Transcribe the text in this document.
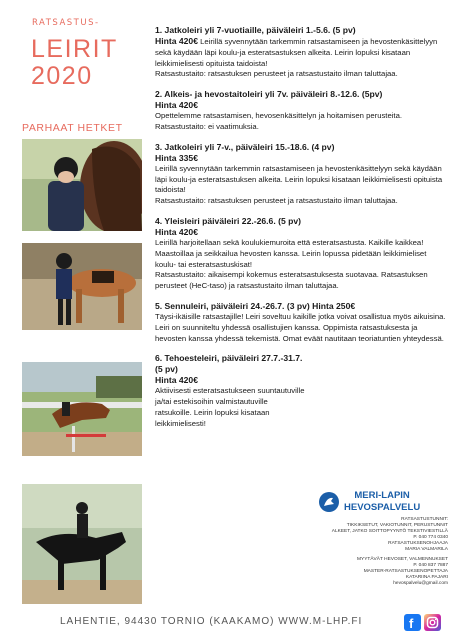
RATSASTUS-
LEIRIT
2020
PARHAAT HETKET
1. Jatkoleiri yli 7-vuotiaille, päiväleiri 1.-5.6. (5 pv)

Hinta 420€ Leirillä syvennytään tarkemmin ratsastamiseen ja hevostenkäsittelyyn sekä käydään läpi koulu-ja esteratsastuksen alkeita. Leirin lopuksi kisataan leikkimielisesti opituista taidoista!

Ratsastustaito: ratsastuksen perusteet ja ratsastustaito ilman taluttajaa.

2. Alkeis- ja hevostaitoleiri yli 7v. päiväleiri 8.-12.6. (5pv)

Hinta 420€

Opettelemme ratsastamisen, hevosenkäsittelyn ja hoitamisen perusteita. Ratsastustaito: ei vaatimuksia.

3. Jatkoleiri yli 7-v., päiväleiri 15.-18.6. (4 pv)

Hinta 335€

Leirillä syvennytään tarkemmin ratsastamiseen ja hevostenkäsittelyyn sekä käydään läpi koulu-ja esteratsastuksen alkeita. Leirin lopuksi kisataan leikkimielisesti opituista taidoista!

Ratsastustaito: ratsastuksen perusteet ja ratsastustaito ilman taluttajaa.

4. Yleisleiri päiväleiri 22.-26.6. (5 pv)

Hinta 420€

Leirillä harjoitellaan sekä koulukiemuroita että esteratsastusta. Kaikille kaikkea! Maastoillaa ja seikkailua hevosten kanssa. Leirin lopussa pidetään leikkimieliset koulu- tai esteratsastuskisat!

Ratsastustaito: aikaisempi kokemus esteratsastuksesta suotavaa. Ratsastuksen perusteet (HeC-taso) ja ratsastustaito ilman taluttajaa.

5. Sennuleiri, päiväleiri 24.-26.7. (3 pv) Hinta 250€

Täysi-ikäisille ratsastajille! Leiri soveltuu kaikille jotka voivat osallistua myös aikuisina. Leiri on suunniteltu yhdessä osallistujien kanssa. Oppimista ratsastuksesta ja hevosten kanssa yhdessä tekemistä. Omat eväät nautitaan teoriatuntien yhteydessä.

6. Tehoesteleiri, päiväleiri 27.7.-31.7. (5 pv)

Hinta 420€

Aktiivisesti esteratsastukseen suuntautuville ja/tai estekisoihin valmistautuville ratsukoille. Leirin lopuksi kisataan leikkimielisesti!

MERI-LAPIN
HEVOSPALVELU
RATSASTUSTUNNIT:
TIKKIKSETUT, VAKIOTUNNIT, PERUSTUNNIT
ALKEET, JATKO SOITTOPYYNTÖ TEKSTIVIESTILLÄ
P. 040 774 0340
RATSASTUKSENOHJAAJA
MARIA VALMARILA
MYYTÄVÄT HEVOSET, VALMENNUKSET
P. 040 837 7887
MASTER-RATSASTUKSENOPETTAJA
KATARIINA PAJARI
hevospalvelu@gmail.com
LAHENTIE, 94430 TORNIO (KAAKAMO) WWW.M-LHP.FI	f
